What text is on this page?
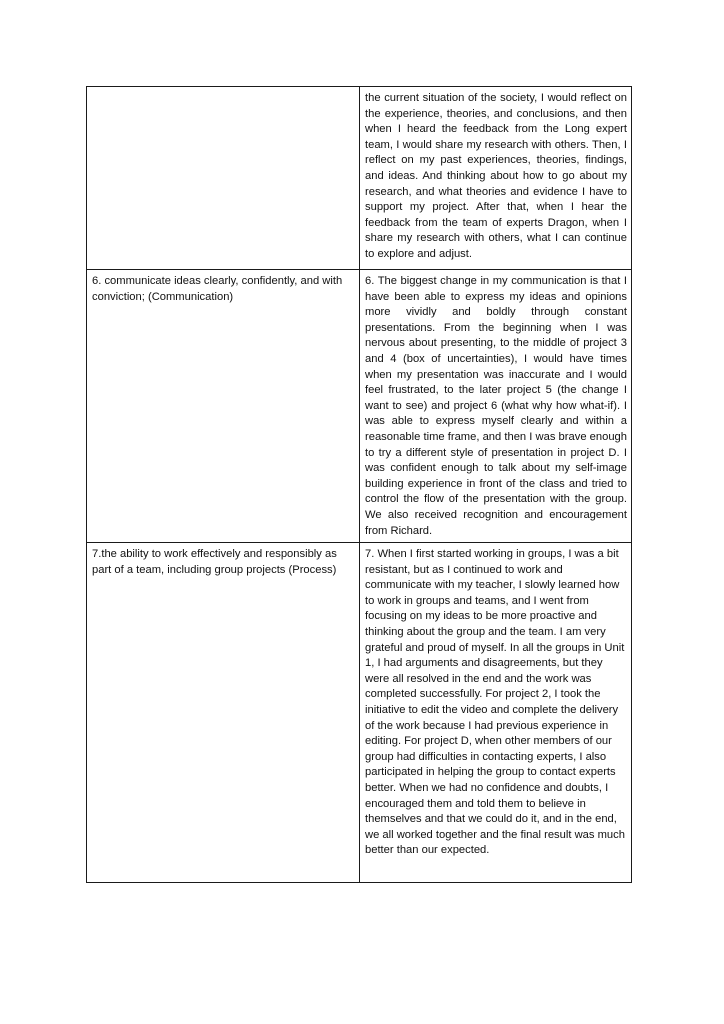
	the current situation of the society, I would reflect on the experience, theories, and conclusions, and then when I heard the feedback from the Long expert team, I would share my research with others. Then, I reflect on my past experiences, theories, findings, and ideas. And thinking about how to go about my research, and what theories and evidence I have to support my project. After that, when I hear the feedback from the team of experts Dragon, when I share my research with others, what I can continue to explore and adjust.

6. communicate ideas clearly, confidently, and with conviction; (Communication)	6. The biggest change in my communication is that I have been able to express my ideas and opinions more vividly and boldly through constant presentations. From the beginning when I was nervous about presenting, to the middle of project 3 and 4 (box of uncertainties), I would have times when my presentation was inaccurate and I would feel frustrated, to the later project 5 (the change I want to see) and project 6 (what why how what-if). I was able to express myself clearly and within a reasonable time frame, and then I was brave enough to try a different style of presentation in project D. I was confident enough to talk about my self-image building experience in front of the class and tried to control the flow of the presentation with the group. We also received recognition and encouragement from Richard.

7.the ability to work effectively and responsibly as part of a team, including group projects (Process)	7. When I first started working in groups, I was a bit resistant, but as I continued to work and communicate with my teacher, I slowly learned how to work in groups and teams, and I went from focusing on my ideas to be more proactive and thinking about the group and the team. I am very grateful and proud of myself. In all the groups in Unit 1, I had arguments and disagreements, but they were all resolved in the end and the work was completed successfully. For project 2, I took the initiative to edit the video and complete the delivery of the work because I had previous experience in editing. For project D, when other members of our group had difficulties in contacting experts, I also participated in helping the group to contact experts better. When we had no confidence and doubts, I encouraged them and told them to believe in themselves and that we could do it, and in the end, we all worked together and the final result was much better than our expected.
